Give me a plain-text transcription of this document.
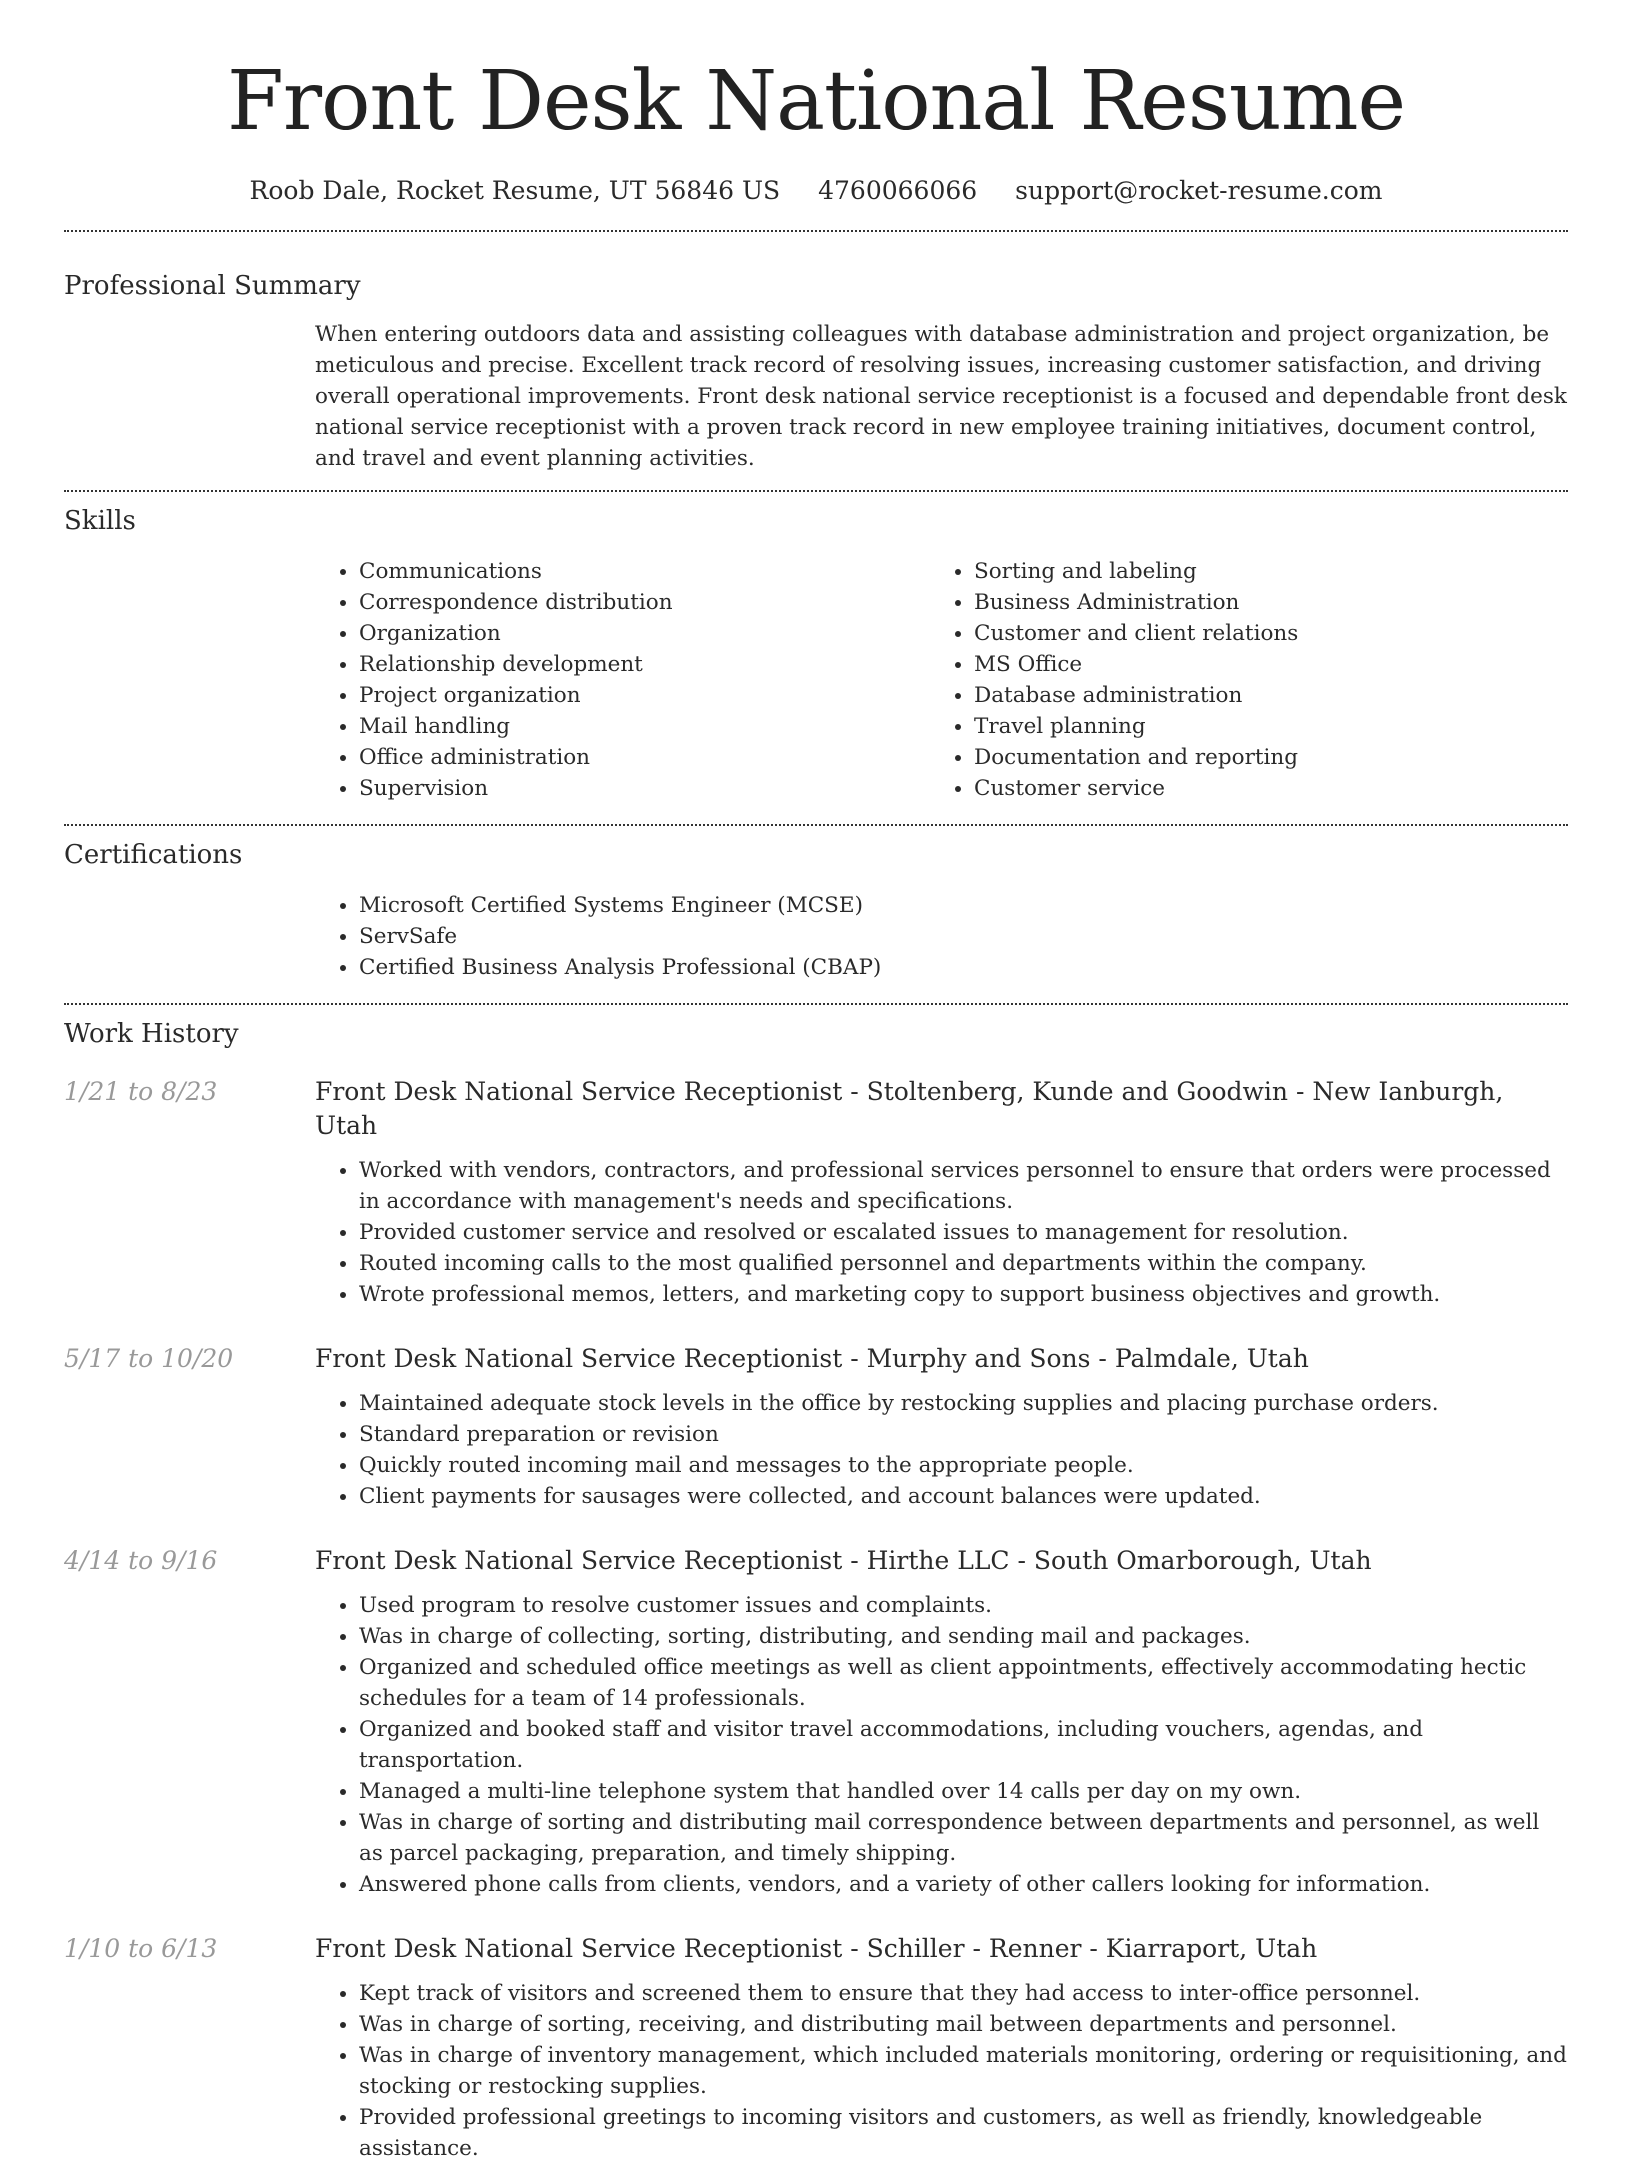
Front Desk National Resume
Roob Dale, Rocket Resume, UT 56846 US 4760066066 support@rocket-resume.com
Professional Summary

When entering outdoors data and assisting colleagues with database administration and project organization, be meticulous and precise. Excellent track record of resolving issues, increasing customer satisfaction, and driving overall operational improvements. Front desk national service receptionist is a focused and dependable front desk national service receptionist with a proven track record in new employee training initiatives, document control, and travel and event planning activities.

Skills
• Communications
• Correspondence distribution
• Organization
• Relationship development
• Project organization
• Mail handling
• Office administration
• Supervision
• Sorting and labeling
• Business Administration
• Customer and client relations
• MS Office
• Database administration
• Travel planning
• Documentation and reporting
• Customer service
Certifications
• Microsoft Certified Systems Engineer (MCSE)
• ServSafe
• Certified Business Analysis Professional (CBAP)
Work History
1/21 to 8/23	Front Desk National Service Receptionist - Stoltenberg, Kunde and Goodwin - New Ianburgh, Utah
• Worked with vendors, contractors, and professional services personnel to ensure that orders were processed in accordance with management's needs and specifications.
• Provided customer service and resolved or escalated issues to management for resolution.
• Routed incoming calls to the most qualified personnel and departments within the company.
• Wrote professional memos, letters, and marketing copy to support business objectives and growth.
5/17 to 10/20	Front Desk National Service Receptionist - Murphy and Sons - Palmdale, Utah
• Maintained adequate stock levels in the office by restocking supplies and placing purchase orders.
• Standard preparation or revision
• Quickly routed incoming mail and messages to the appropriate people.
• Client payments for sausages were collected, and account balances were updated.
4/14 to 9/16	Front Desk National Service Receptionist - Hirthe LLC - South Omarborough, Utah
• Used program to resolve customer issues and complaints.
• Was in charge of collecting, sorting, distributing, and sending mail and packages.
• Organized and scheduled office meetings as well as client appointments, effectively accommodating hectic schedules for a team of 14 professionals.
• Organized and booked staff and visitor travel accommodations, including vouchers, agendas, and transportation.
• Managed a multi-line telephone system that handled over 14 calls per day on my own.
• Was in charge of sorting and distributing mail correspondence between departments and personnel, as well as parcel packaging, preparation, and timely shipping.
• Answered phone calls from clients, vendors, and a variety of other callers looking for information.
1/10 to 6/13	Front Desk National Service Receptionist - Schiller - Renner - Kiarraport, Utah
• Kept track of visitors and screened them to ensure that they had access to inter-office personnel.
• Was in charge of sorting, receiving, and distributing mail between departments and personnel.
• Was in charge of inventory management, which included materials monitoring, ordering or requisitioning, and stocking or restocking supplies.
• Provided professional greetings to incoming visitors and customers, as well as friendly, knowledgeable assistance.
